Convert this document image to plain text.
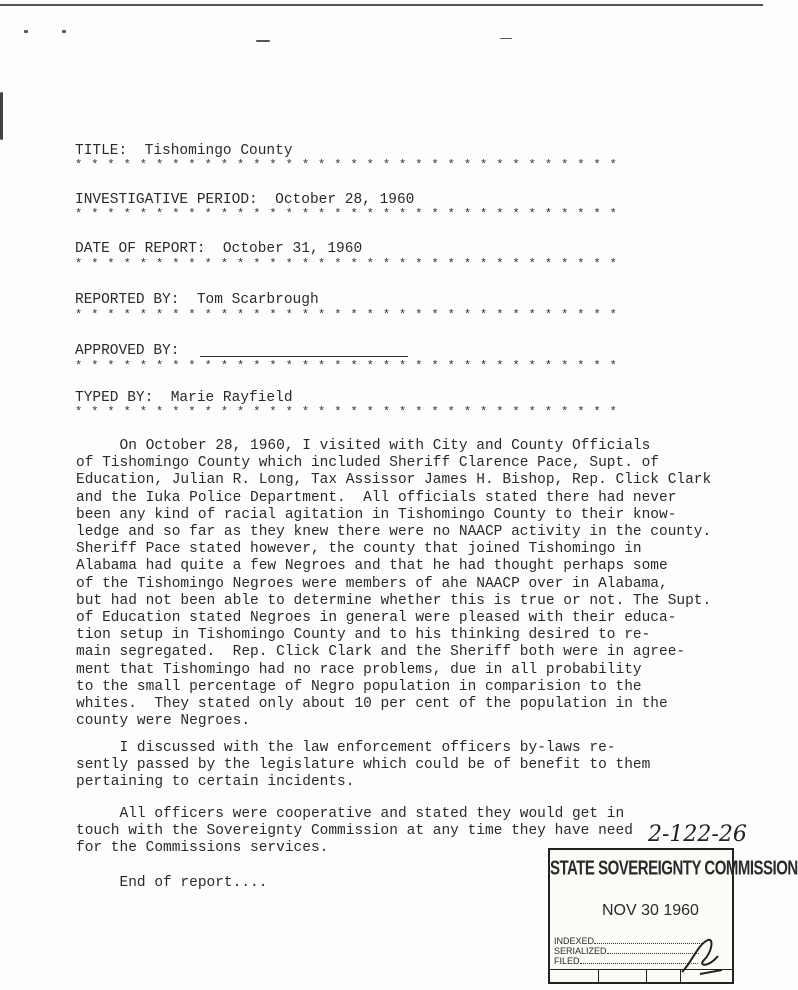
TITLE:  Tishomingo County
* * * * * * * * * * * * * * * * * * * * * * * * * * * * * * * * * *
INVESTIGATIVE PERIOD:  October 28, 1960
* * * * * * * * * * * * * * * * * * * * * * * * * * * * * * * * * *
DATE OF REPORT:  October 31, 1960
* * * * * * * * * * * * * * * * * * * * * * * * * * * * * * * * * *
REPORTED BY:  Tom Scarbrough
* * * * * * * * * * * * * * * * * * * * * * * * * * * * * * * * * *
APPROVED BY:
* * * * * * * * * * * * * * * * * * * * * * * * * * * * * * * * * *
TYPED BY:  Marie Rayfield
* * * * * * * * * * * * * * * * * * * * * * * * * * * * * * * * * *
On October 28, 1960, I visited with City and County Officials
of Tishomingo County which included Sheriff Clarence Pace, Supt. of
Education, Julian R. Long, Tax Assissor James H. Bishop, Rep. Click Clark
and the Iuka Police Department.  All officials stated there had never
been any kind of racial agitation in Tishomingo County to their know-
ledge and so far as they knew there were no NAACP activity in the county.
Sheriff Pace stated however, the county that joined Tishomingo in
Alabama had quite a few Negroes and that he had thought perhaps some
of the Tishomingo Negroes were members of ahe NAACP over in Alabama,
but had not been able to determine whether this is true or not. The Supt.
of Education stated Negroes in general were pleased with their educa-
tion setup in Tishomingo County and to his thinking desired to re-
main segregated.  Rep. Click Clark and the Sheriff both were in agree-
ment that Tishomingo had no race problems, due in all probability
to the small percentage of Negro population in comparision to the
whites.  They stated only about 10 per cent of the population in the
county were Negroes.
I discussed with the law enforcement officers by-laws re-
sently passed by the legislature which could be of benefit to them
pertaining to certain incidents.
All officers were cooperative and stated they would get in
touch with the Sovereignty Commission at any time they have need
for the Commissions services.
End of report....
2-122-26
STATE SOVEREIGNTY COMMISSION
NOV 30 1960
INDEXED
SERIALIZED
FILED
